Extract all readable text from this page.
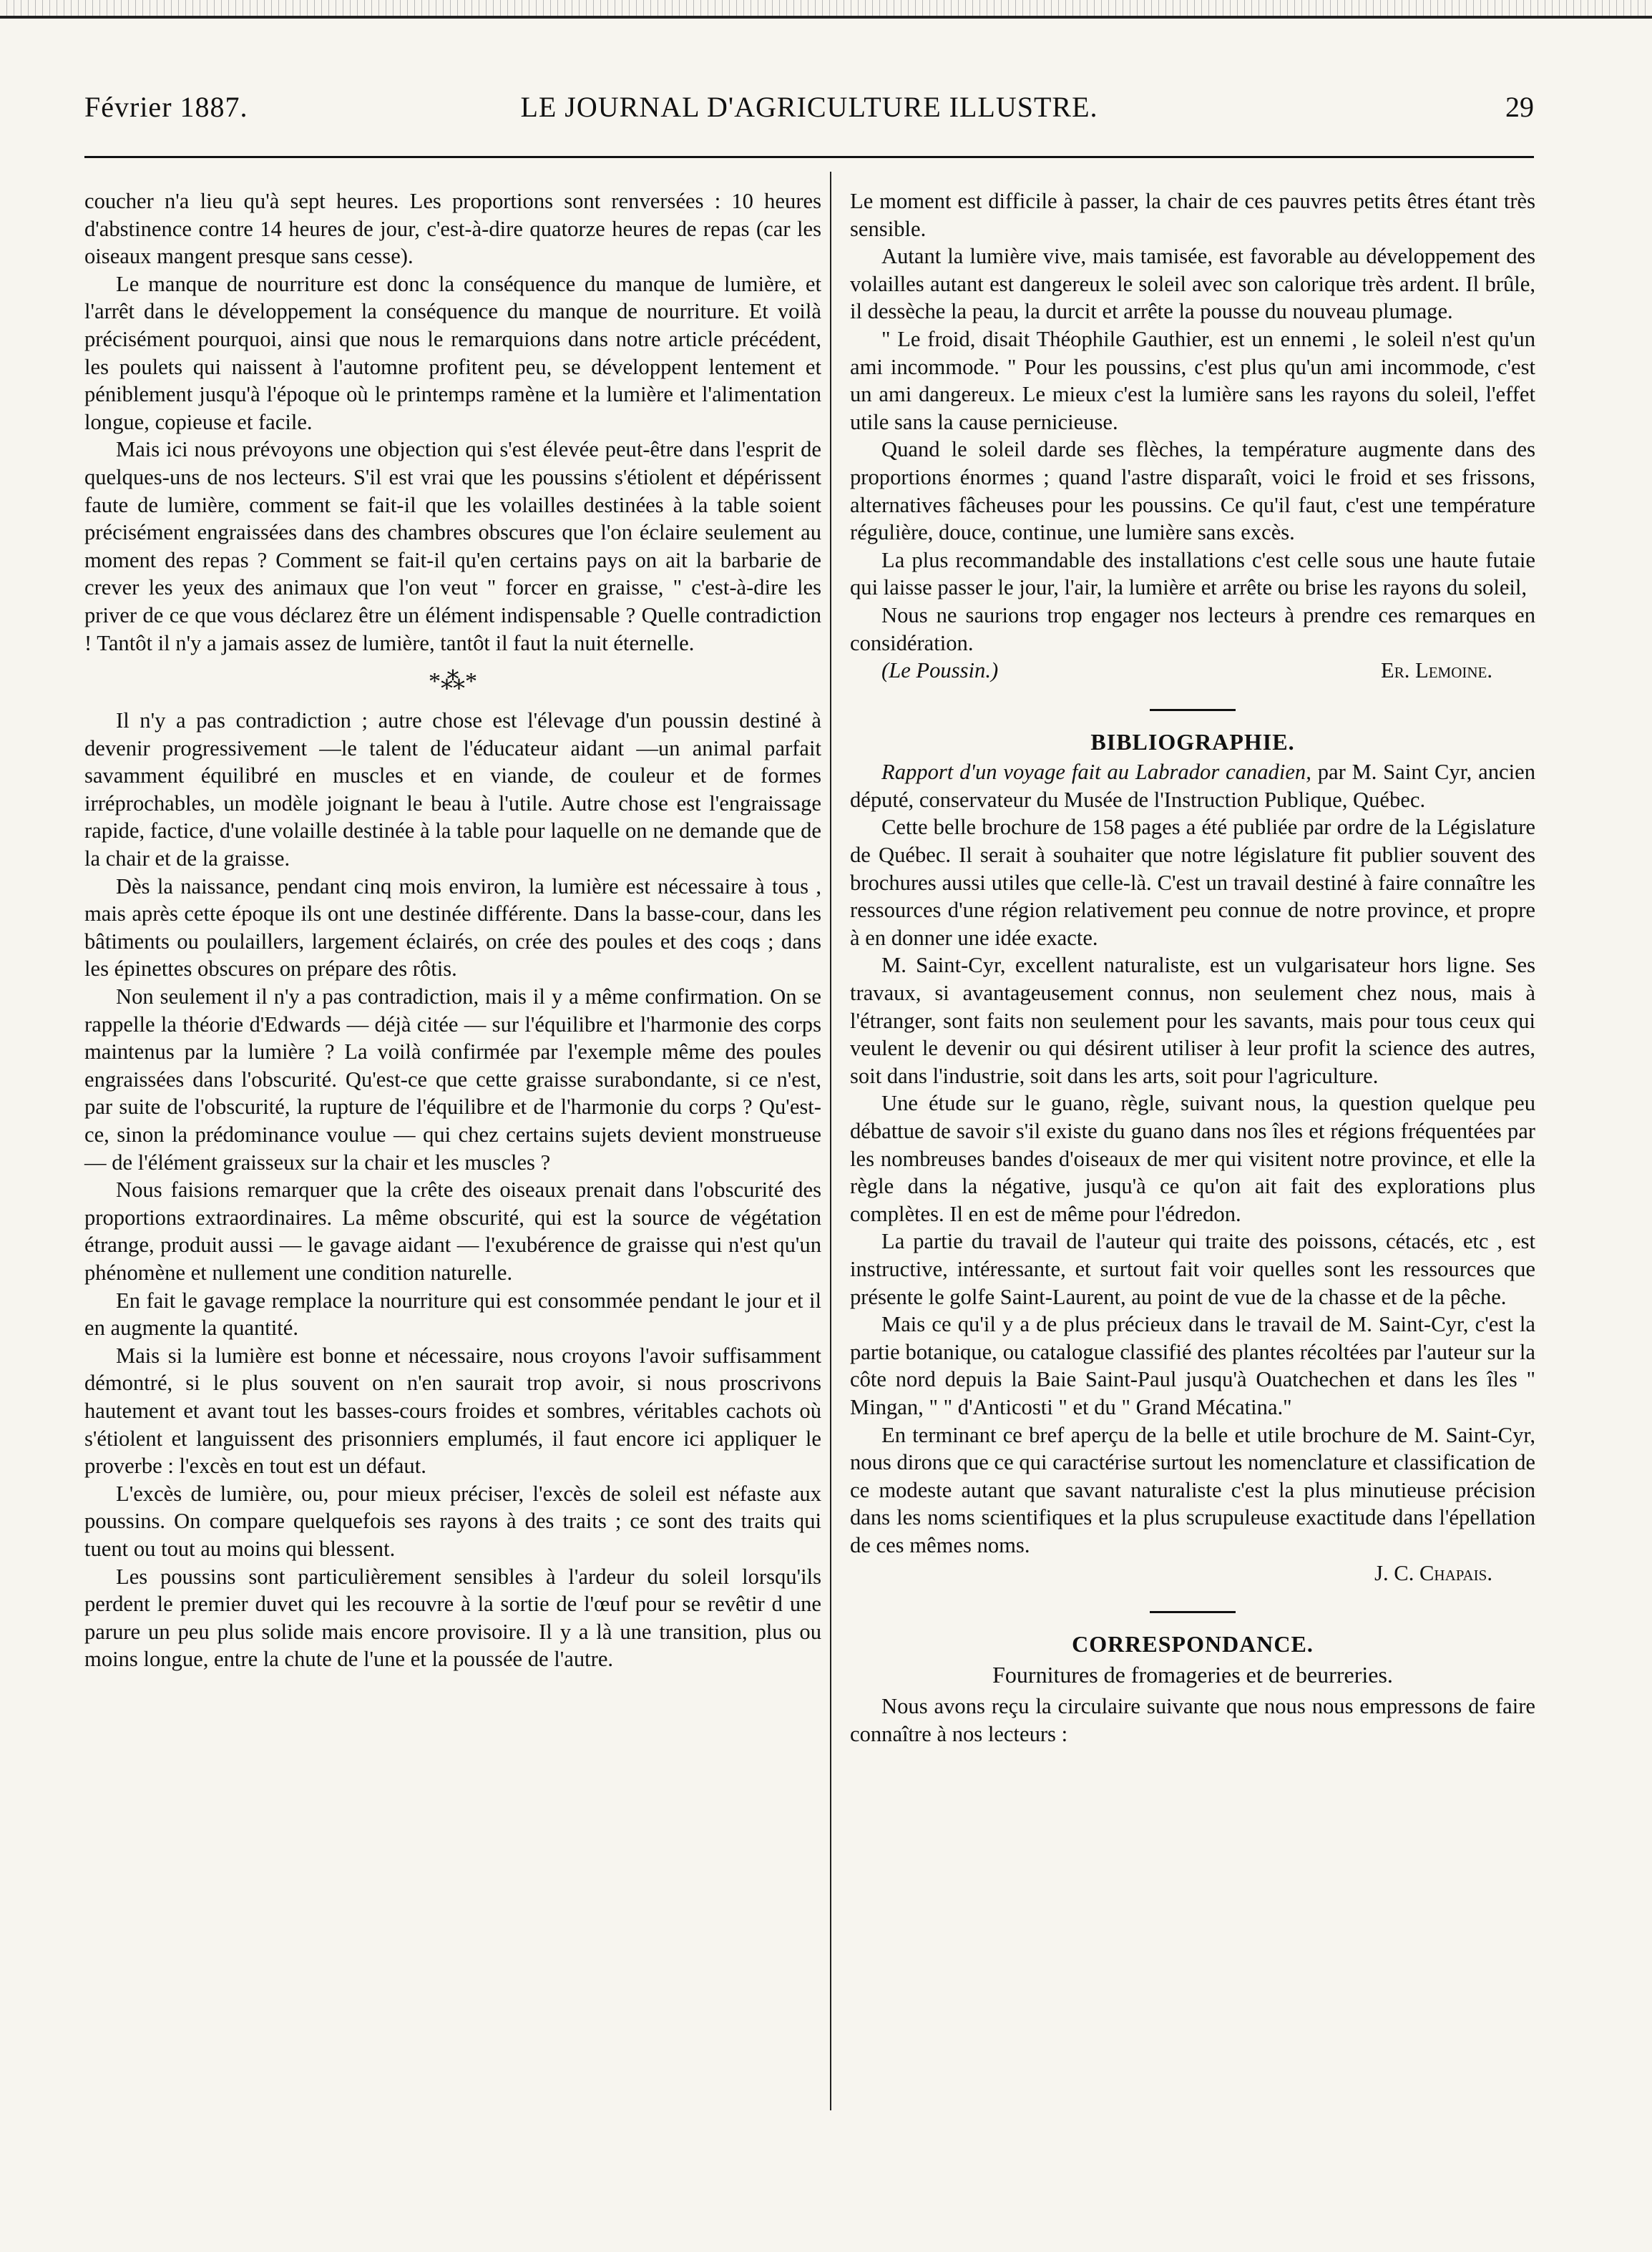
Février 1887.	LE JOURNAL D'AGRICULTURE ILLUSTRE.	29

coucher n'a lieu qu'à sept heures. Les proportions sont renversées : 10 heures d'abstinence contre 14 heures de jour, c'est-à-dire quatorze heures de repas (car les oiseaux mangent presque sans cesse).

Le manque de nourriture est donc la conséquence du manque de lumière, et l'arrêt dans le développement la conséquence du manque de nourriture. Et voilà précisément pourquoi, ainsi que nous le remarquions dans notre article précédent, les poulets qui naissent à l'automne profitent peu, se développent lentement et péniblement jusqu'à l'époque où le printemps ramène et la lumière et l'alimentation longue, copieuse et facile.

Mais ici nous prévoyons une objection qui s'est élevée peut-être dans l'esprit de quelques-uns de nos lecteurs. S'il est vrai que les poussins s'étiolent et dépérissent faute de lumière, comment se fait-il que les volailles destinées à la table soient précisément engraissées dans des chambres obscures que l'on éclaire seulement au moment des repas ? Comment se fait-il qu'en certains pays on ait la barbarie de crever les yeux des animaux que l'on veut " forcer en graisse, " c'est-à-dire les priver de ce que vous déclarez être un élément indispensable ? Quelle contradiction ! Tantôt il n'y a jamais assez de lumière, tantôt il faut la nuit éternelle.

*⁂*

Il n'y a pas contradiction ; autre chose est l'élevage d'un poussin destiné à devenir progressivement —le talent de l'éducateur aidant —un animal parfait savamment équilibré en muscles et en viande, de couleur et de formes irréprochables, un modèle joignant le beau à l'utile. Autre chose est l'engraissage rapide, factice, d'une volaille destinée à la table pour laquelle on ne demande que de la chair et de la graisse.

Dès la naissance, pendant cinq mois environ, la lumière est nécessaire à tous , mais après cette époque ils ont une destinée différente. Dans la basse-cour, dans les bâtiments ou poulaillers, largement éclairés, on crée des poules et des coqs ; dans les épinettes obscures on prépare des rôtis.

Non seulement il n'y a pas contradiction, mais il y a même confirmation. On se rappelle la théorie d'Edwards — déjà citée — sur l'équilibre et l'harmonie des corps maintenus par la lumière ? La voilà confirmée par l'exemple même des poules engraissées dans l'obscurité. Qu'est-ce que cette graisse surabondante, si ce n'est, par suite de l'obscurité, la rupture de l'équilibre et de l'harmonie du corps ? Qu'est-ce, sinon la prédominance voulue — qui chez certains sujets devient monstrueuse — de l'élément graisseux sur la chair et les muscles ?

Nous faisions remarquer que la crête des oiseaux prenait dans l'obscurité des proportions extraordinaires. La même obscurité, qui est la source de végétation étrange, produit aussi — le gavage aidant — l'exubérence de graisse qui n'est qu'un phénomène et nullement une condition naturelle.

En fait le gavage remplace la nourriture qui est consommée pendant le jour et il en augmente la quantité.

Mais si la lumière est bonne et nécessaire, nous croyons l'avoir suffisamment démontré, si le plus souvent on n'en saurait trop avoir, si nous proscrivons hautement et avant tout les basses-cours froides et sombres, véritables cachots où s'étiolent et languissent des prisonniers emplumés, il faut encore ici appliquer le proverbe : l'excès en tout est un défaut.

L'excès de lumière, ou, pour mieux préciser, l'excès de soleil est néfaste aux poussins. On compare quelquefois ses rayons à des traits ; ce sont des traits qui tuent ou tout au moins qui blessent.

Les poussins sont particulièrement sensibles à l'ardeur du soleil lorsqu'ils perdent le premier duvet qui les recouvre à la sortie de l'œuf pour se revêtir d une parure un peu plus solide mais encore provisoire. Il y a là une transition, plus ou moins longue, entre la chute de l'une et la poussée de l'autre.

Le moment est difficile à passer, la chair de ces pauvres petits êtres étant très sensible.

Autant la lumière vive, mais tamisée, est favorable au développement des volailles autant est dangereux le soleil avec son calorique très ardent. Il brûle, il dessèche la peau, la durcit et arrête la pousse du nouveau plumage.

" Le froid, disait Théophile Gauthier, est un ennemi , le soleil n'est qu'un ami incommode. " Pour les poussins, c'est plus qu'un ami incommode, c'est un ami dangereux. Le mieux c'est la lumière sans les rayons du soleil, l'effet utile sans la cause pernicieuse.

Quand le soleil darde ses flèches, la température augmente dans des proportions énormes ; quand l'astre disparaît, voici le froid et ses frissons, alternatives fâcheuses pour les poussins. Ce qu'il faut, c'est une température régulière, douce, continue, une lumière sans excès.

La plus recommandable des installations c'est celle sous une haute futaie qui laisse passer le jour, l'air, la lumière et arrête ou brise les rayons du soleil,

Nous ne saurions trop engager nos lecteurs à prendre ces remarques en considération.

(Le Poussin.)	Er. Lemoine.
BIBLIOGRAPHIE.

Rapport d'un voyage fait au Labrador canadien, par M. Saint Cyr, ancien député, conservateur du Musée de l'Instruction Publique, Québec.

Cette belle brochure de 158 pages a été publiée par ordre de la Législature de Québec. Il serait à souhaiter que notre législature fit publier souvent des brochures aussi utiles que celle-là. C'est un travail destiné à faire connaître les ressources d'une région relativement peu connue de notre province, et propre à en donner une idée exacte.

M. Saint-Cyr, excellent naturaliste, est un vulgarisateur hors ligne. Ses travaux, si avantageusement connus, non seulement chez nous, mais à l'étranger, sont faits non seulement pour les savants, mais pour tous ceux qui veulent le devenir ou qui désirent utiliser à leur profit la science des autres, soit dans l'industrie, soit dans les arts, soit pour l'agriculture.

Une étude sur le guano, règle, suivant nous, la question quelque peu débattue de savoir s'il existe du guano dans nos îles et régions fréquentées par les nombreuses bandes d'oiseaux de mer qui visitent notre province, et elle la règle dans la négative, jusqu'à ce qu'on ait fait des explorations plus complètes. Il en est de même pour l'édredon.

La partie du travail de l'auteur qui traite des poissons, cétacés, etc , est instructive, intéressante, et surtout fait voir quelles sont les ressources que présente le golfe Saint-Laurent, au point de vue de la chasse et de la pêche.

Mais ce qu'il y a de plus précieux dans le travail de M. Saint-Cyr, c'est la partie botanique, ou catalogue classifié des plantes récoltées par l'auteur sur la côte nord depuis la Baie Saint-Paul jusqu'à Ouatchechen et dans les îles " Mingan, " " d'Anticosti " et du " Grand Mécatina."

En terminant ce bref aperçu de la belle et utile brochure de M. Saint-Cyr, nous dirons que ce qui caractérise surtout les nomenclature et classification de ce modeste autant que savant naturaliste c'est la plus minutieuse précision dans les noms scientifiques et la plus scrupuleuse exactitude dans l'épellation de ces mêmes noms.

J. C. Chapais.
CORRESPONDANCE.
Fournitures de fromageries et de beurreries.

Nous avons reçu la circulaire suivante que nous nous empressons de faire connaître à nos lecteurs :
